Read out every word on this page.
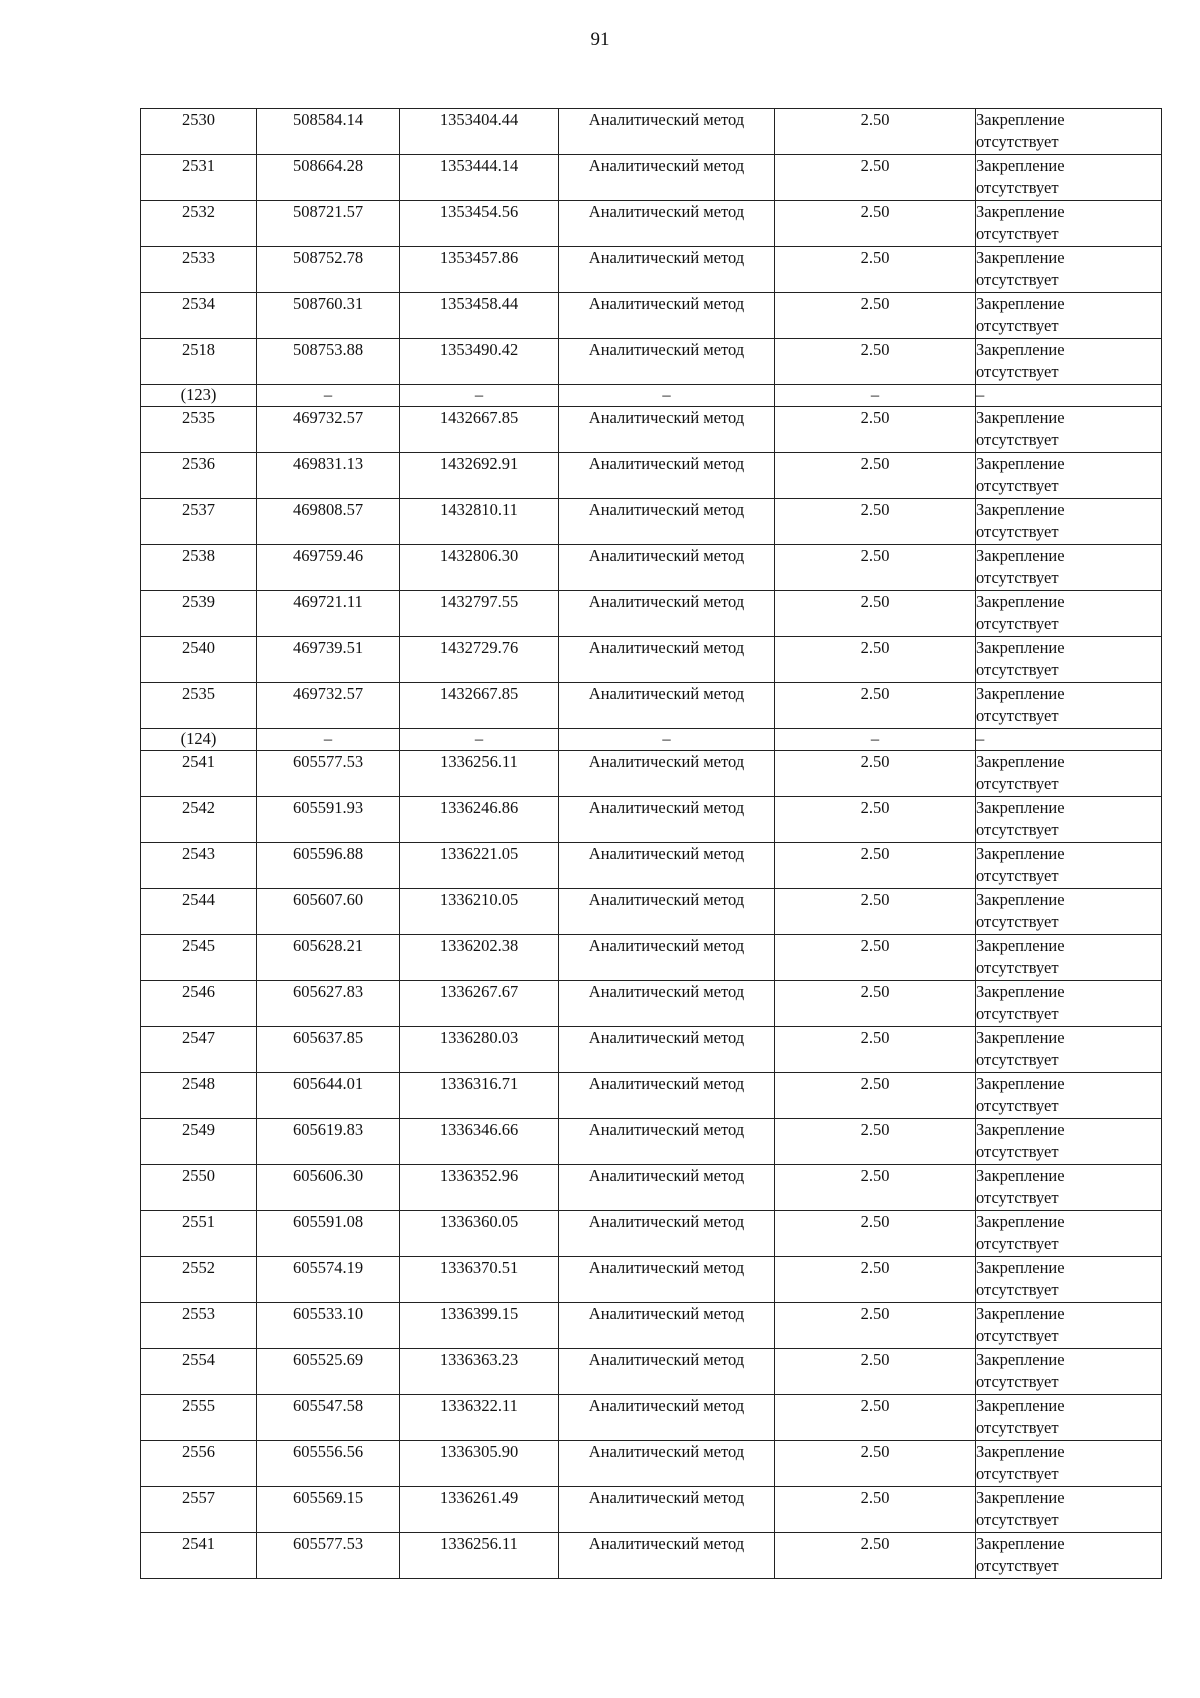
91
2530	508584.14	1353404.44	Аналитический метод	2.50	Закрепление
отсутствует

2531	508664.28	1353444.14	Аналитический метод	2.50	Закрепление
отсутствует

2532	508721.57	1353454.56	Аналитический метод	2.50	Закрепление
отсутствует

2533	508752.78	1353457.86	Аналитический метод	2.50	Закрепление
отсутствует

2534	508760.31	1353458.44	Аналитический метод	2.50	Закрепление
отсутствует

2518	508753.88	1353490.42	Аналитический метод	2.50	Закрепление
отсутствует

(123)	–	–	–	–	–

2535	469732.57	1432667.85	Аналитический метод	2.50	Закрепление
отсутствует

2536	469831.13	1432692.91	Аналитический метод	2.50	Закрепление
отсутствует

2537	469808.57	1432810.11	Аналитический метод	2.50	Закрепление
отсутствует

2538	469759.46	1432806.30	Аналитический метод	2.50	Закрепление
отсутствует

2539	469721.11	1432797.55	Аналитический метод	2.50	Закрепление
отсутствует

2540	469739.51	1432729.76	Аналитический метод	2.50	Закрепление
отсутствует

2535	469732.57	1432667.85	Аналитический метод	2.50	Закрепление
отсутствует

(124)	–	–	–	–	–

2541	605577.53	1336256.11	Аналитический метод	2.50	Закрепление
отсутствует

2542	605591.93	1336246.86	Аналитический метод	2.50	Закрепление
отсутствует

2543	605596.88	1336221.05	Аналитический метод	2.50	Закрепление
отсутствует

2544	605607.60	1336210.05	Аналитический метод	2.50	Закрепление
отсутствует

2545	605628.21	1336202.38	Аналитический метод	2.50	Закрепление
отсутствует

2546	605627.83	1336267.67	Аналитический метод	2.50	Закрепление
отсутствует

2547	605637.85	1336280.03	Аналитический метод	2.50	Закрепление
отсутствует

2548	605644.01	1336316.71	Аналитический метод	2.50	Закрепление
отсутствует

2549	605619.83	1336346.66	Аналитический метод	2.50	Закрепление
отсутствует

2550	605606.30	1336352.96	Аналитический метод	2.50	Закрепление
отсутствует

2551	605591.08	1336360.05	Аналитический метод	2.50	Закрепление
отсутствует

2552	605574.19	1336370.51	Аналитический метод	2.50	Закрепление
отсутствует

2553	605533.10	1336399.15	Аналитический метод	2.50	Закрепление
отсутствует

2554	605525.69	1336363.23	Аналитический метод	2.50	Закрепление
отсутствует

2555	605547.58	1336322.11	Аналитический метод	2.50	Закрепление
отсутствует

2556	605556.56	1336305.90	Аналитический метод	2.50	Закрепление
отсутствует

2557	605569.15	1336261.49	Аналитический метод	2.50	Закрепление
отсутствует

2541	605577.53	1336256.11	Аналитический метод	2.50	Закрепление
отсутствует
